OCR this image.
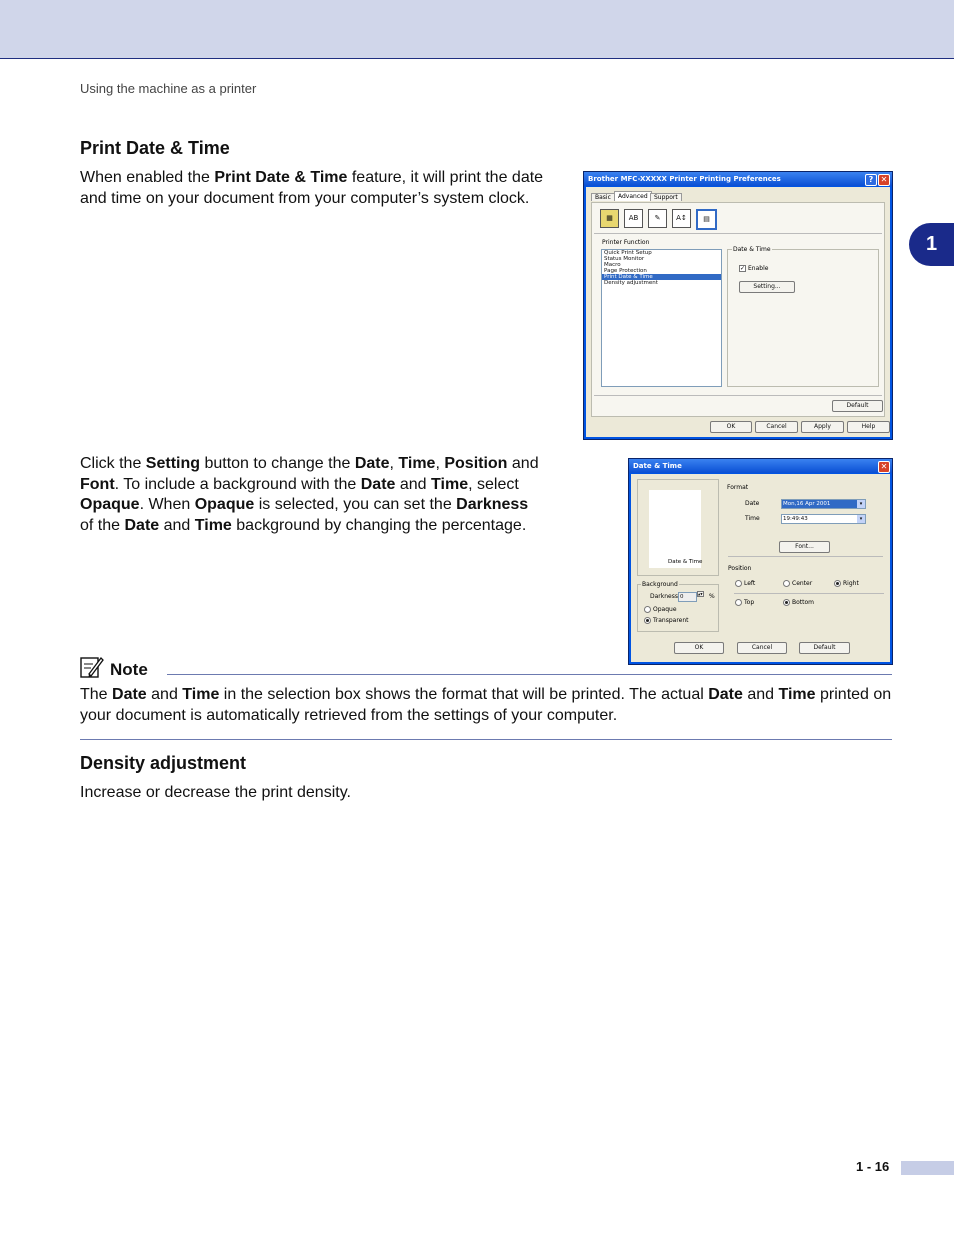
Using the machine as a printer
1
Print Date & Time
When enabled the Print Date & Time feature, it will print the date and time on your document from your computer’s system clock.
Click the Setting button to change the Date, Time, Position and Font. To include a background with the Date and Time, select Opaque. When Opaque is selected, you can set the Darkness of the Date and Time background by changing the percentage.
Brother MFC-XXXXX Printer Printing Preferences	? ✕
Basic	Advanced	Support
▦	AB	✎	A↕	▤
Printer Function
Quick Print Setup
Status Monitor
Macro
Page Protection
Print Date & Time
Density adjustment
Date & Time
✓ Enable
Setting...
Default
OK	Cancel	Apply	Help
Date & Time	✕
Date & Time
Format
Date	Mon,16 Apr 2001	▾
Time	19:49:43	▾
Font...
Position
Left	Center	Right
Top	Bottom
Background
Darkness 0	▲▼ %
Opaque
Transparent
OK	Cancel	Default
Note
The Date and Time in the selection box shows the format that will be printed. The actual Date and Time printed on your document is automatically retrieved from the settings of your computer.
Density adjustment
Increase or decrease the print density.
1 - 16
